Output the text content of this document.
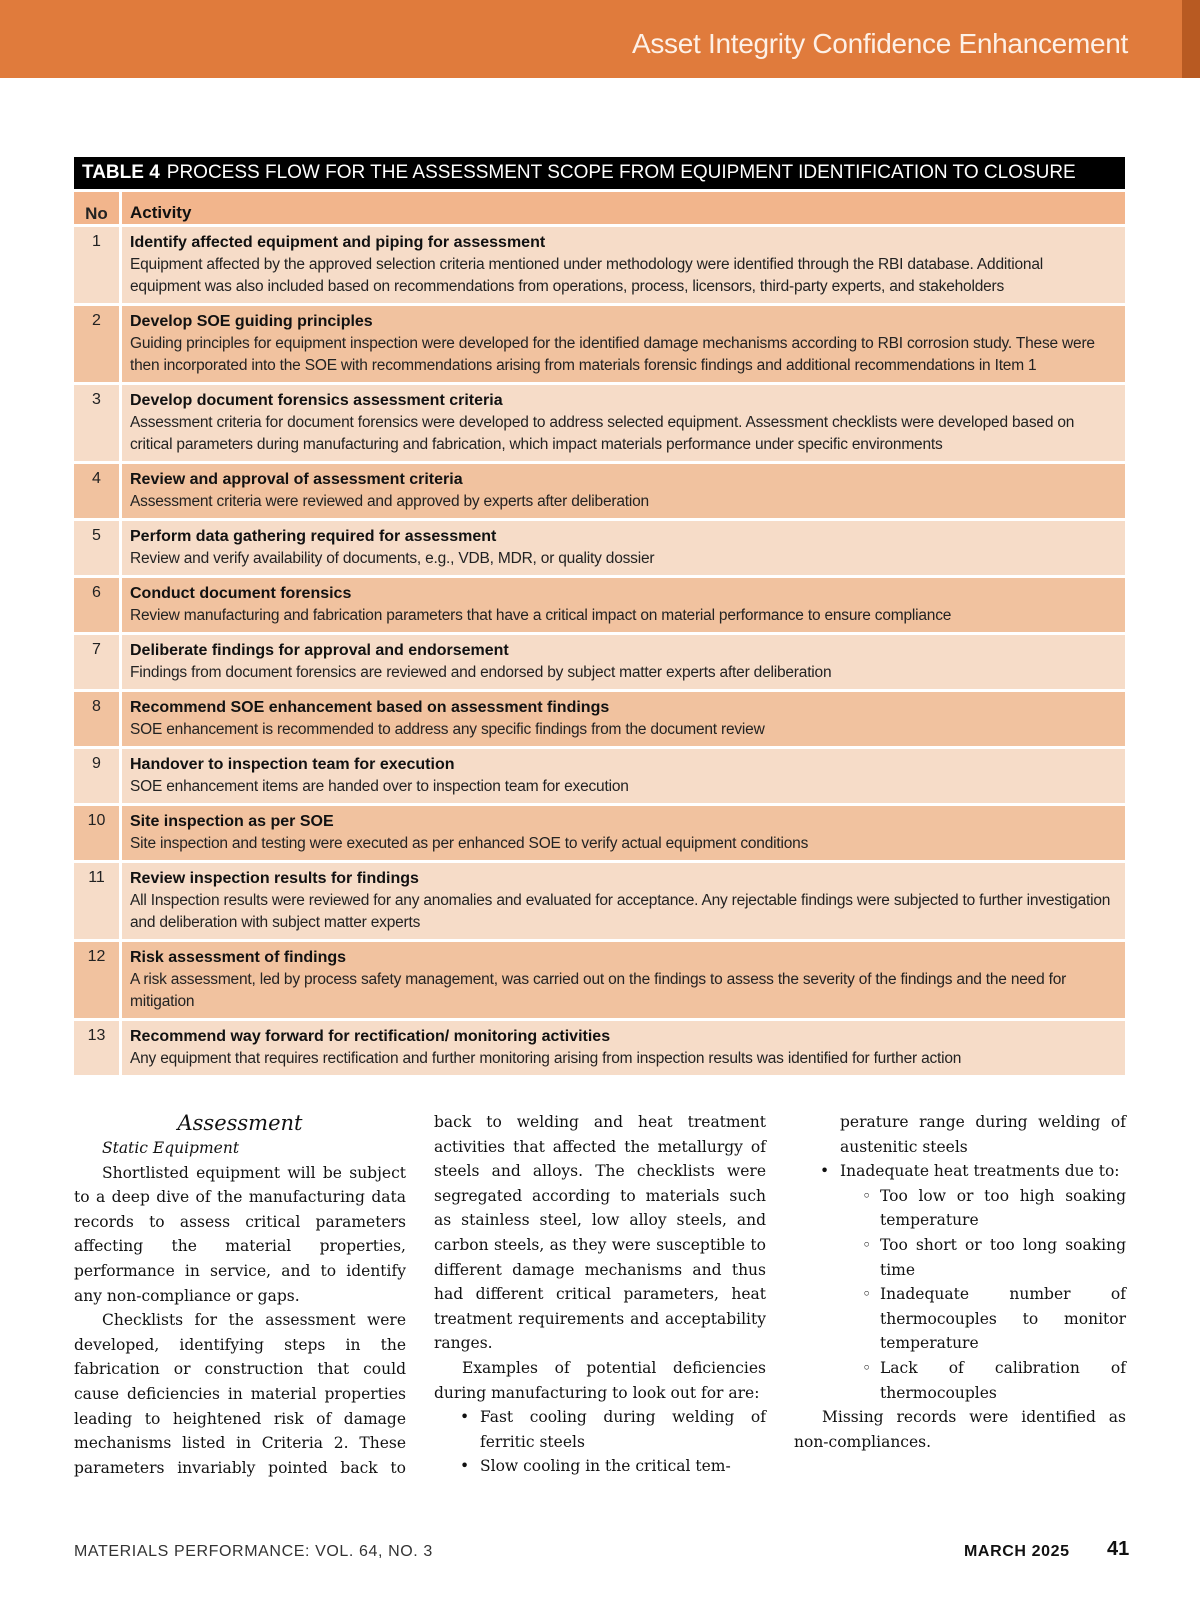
Asset Integrity Confidence Enhancement
TABLE 4 PROCESS FLOW FOR THE ASSESSMENT SCOPE FROM EQUIPMENT IDENTIFICATION TO CLOSURE
No	Activity
1	Identify affected equipment and piping for assessment
Equipment affected by the approved selection criteria mentioned under methodology were identified through the RBI database. Additional equipment was also included based on recommendations from operations, process, licensors, third-party experts, and stakeholders
2	Develop SOE guiding principles
Guiding principles for equipment inspection were developed for the identified damage mechanisms according to RBI corrosion study. These were then incorporated into the SOE with recommendations arising from materials forensic findings and additional recommendations in Item 1
3	Develop document forensics assessment criteria
Assessment criteria for document forensics were developed to address selected equipment. Assessment checklists were developed based on critical parameters during manufacturing and fabrication, which impact materials performance under specific environments
4	Review and approval of assessment criteria
Assessment criteria were reviewed and approved by experts after deliberation
5	Perform data gathering required for assessment
Review and verify availability of documents, e.g., VDB, MDR, or quality dossier
6	Conduct document forensics
Review manufacturing and fabrication parameters that have a critical impact on material performance to ensure compliance
7	Deliberate findings for approval and endorsement
Findings from document forensics are reviewed and endorsed by subject matter experts after deliberation
8	Recommend SOE enhancement based on assessment findings
SOE enhancement is recommended to address any specific findings from the document review
9	Handover to inspection team for execution
SOE enhancement items are handed over to inspection team for execution
10	Site inspection as per SOE
Site inspection and testing were executed as per enhanced SOE to verify actual equipment conditions
11	Review inspection results for findings
All Inspection results were reviewed for any anomalies and evaluated for acceptance. Any rejectable findings were subjected to further investigation and deliberation with subject matter experts
12	Risk assessment of findings
A risk assessment, led by process safety management, was carried out on the findings to assess the severity of the findings and the need for mitigation
13	Recommend way forward for rectification/ monitoring activities
Any equipment that requires rectification and further monitoring arising from inspection results was identified for further action
Assessment
Static Equipment

Shortlisted equipment will be subject to a deep dive of the manufacturing data records to assess critical parameters affecting the material properties, performance in service, and to identify any non-compliance or gaps.

Checklists for the assessment were developed, identifying steps in the fabrication or construction that could cause deficiencies in material properties leading to heightened risk of damage mechanisms listed in Criteria 2. These parameters invariably pointed back to

back to welding and heat treatment activities that affected the metallurgy of steels and alloys. The checklists were segregated according to materials such as stainless steel, low alloy steels, and carbon steels, as they were susceptible to different damage mechanisms and thus had different critical parameters, heat treatment requirements and acceptability ranges.

Examples of potential deficiencies during manufacturing to look out for are:

• Fast cooling during welding of ferritic steels
• Slow cooling in the critical tem-
perature range during welding of austenitic steels
• Inadequate heat treatments due to:
◦ Too low or too high soaking temperature
◦ Too short or too long soaking time
◦ Inadequate number of thermocouples to monitor temperature
◦ Lack of calibration of thermocouples

Missing records were identified as non-compliances.

MATERIALS PERFORMANCE: VOL. 64, NO. 3	MARCH 2025 41
